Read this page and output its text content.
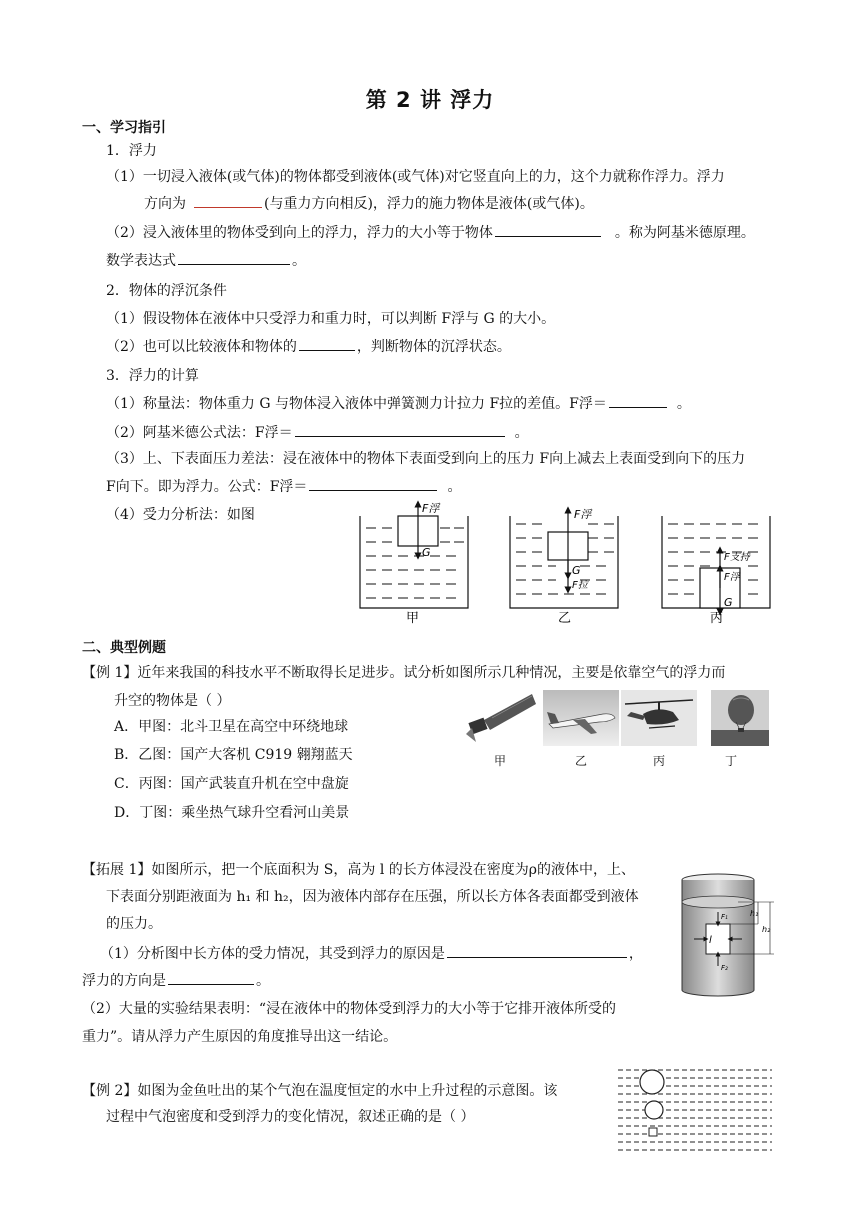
第 2 讲 浮力
一、学习指引
1．浮力
（1）一切浸入液体(或气体)的物体都受到液体(或气体)对它竖直向上的力，这个力就称作浮力。浮力
方向为	(与重力方向相反)，浮力的施力物体是液体(或气体)。
（2）浸入液体里的物体受到向上的浮力，浮力的大小等于物体	。称为阿基米德原理。
数学表达式	。
2．物体的浮沉条件
（1）假设物体在液体中只受浮力和重力时，可以判断 F浮与 G 的大小。
（2）也可以比较液体和物体的	，判断物体的沉浮状态。
3．浮力的计算
（1）称量法：物体重力 G 与物体浸入液体中弹簧测力计拉力 F拉的差值。F浮＝	。
（2）阿基米德公式法：F浮＝	。
（3）上、下表面压力差法：浸在液体中的物体下表面受到向上的压力 F向上减去上表面受到向下的压力
F向下。即为浮力。公式：F浮＝	。
（4）受力分析法：如图	F浮
G
F浮
G
F拉
F支持
F浮
G
甲	乙	丙
二、典型例题
【例 1】近年来我国的科技水平不断取得长足进步。试分析如图所示几种情况，主要是依靠空气的浮力而
升空的物体是（ ）
A．甲图：北斗卫星在高空中环绕地球
B．乙图：国产大客机 C919 翱翔蓝天
C．丙图：国产武装直升机在空中盘旋
D．丁图：乘坐热气球升空看河山美景
甲	乙	丙	丁
【拓展 1】如图所示，把一个底面积为 S，高为 l 的长方体浸没在密度为ρ的液体中，上、
下表面分别距液面为 h₁ 和 h₂，因为液体内部存在压强，所以长方体各表面都受到液体
的压力。
（1）分析图中长方体的受力情况，其受到浮力的原因是	，
浮力的方向是	。
（2）大量的实验结果表明：“浸在液体中的物体受到浮力的大小等于它排开液体所受的
重力”。请从浮力产生原因的角度推导出这一结论。
h₁
h₂
l
F₁
F₂
【例 2】如图为金鱼吐出的某个气泡在温度恒定的水中上升过程的示意图。该
过程中气泡密度和受到浮力的变化情况，叙述正确的是（ ）
